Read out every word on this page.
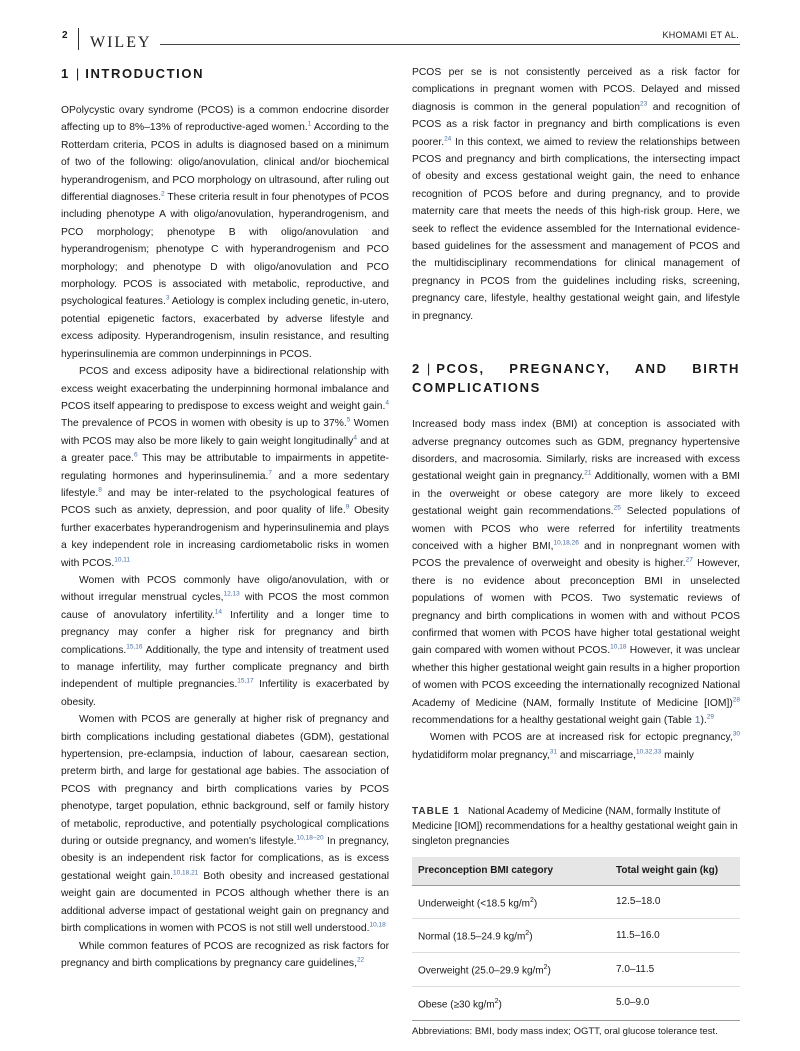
2 WILEY	KHOMAMI ET AL.
1 | INTRODUCTION

OPolycystic ovary syndrome (PCOS) is a common endocrine disorder affecting up to 8%–13% of reproductive-aged women.$^1$ According to the Rotterdam criteria, PCOS in adults is diagnosed based on a minimum of two of the following: oligo/anovulation, clinical and/or biochemical hyperandrogenism, and PCO morphology on ultrasound, after ruling out differential diagnoses.$^2$ These criteria result in four phenotypes of PCOS including phenotype A with oligo/anovulation, hyperandrogenism, and PCO morphology; phenotype B with oligo/anovulation and hyperandrogenism; phenotype C with hyperandrogenism and PCO morphology; and phenotype D with oligo/anovulation and PCO morphology. PCOS is associated with metabolic, reproductive, and psychological features.$^3$ Aetiology is complex including genetic, in-utero, potential epigenetic factors, exacerbated by adverse lifestyle and excess adiposity. Hyperandrogenism, insulin resistance, and resulting hyperinsulinemia are common underpinnings in PCOS.

PCOS and excess adiposity have a bidirectional relationship with excess weight exacerbating the underpinning hormonal imbalance and PCOS itself appearing to predispose to excess weight and weight gain.$^4$ The prevalence of PCOS in women with obesity is up to 37%.$^5$ Women with PCOS may also be more likely to gain weight longitudinally$^4$ and at a greater pace.$^6$ This may be attributable to impairments in appetite-regulating hormones and hyperinsulinemia.$^7$ and a more sedentary lifestyle.$^8$ and may be inter-related to the psychological features of PCOS such as anxiety, depression, and poor quality of life.$^9$ Obesity further exacerbates hyperandrogenism and hyperinsulinemia and plays a key independent role in increasing cardiometabolic risks in women with PCOS.$^{10,11}$

Women with PCOS commonly have oligo/anovulation, with or without irregular menstrual cycles,$^{12,13}$ with PCOS the most common cause of anovulatory infertility.$^{14}$ Infertility and a longer time to pregnancy may confer a higher risk for pregnancy and birth complications.$^{15,16}$ Additionally, the type and intensity of treatment used to manage infertility, may further complicate pregnancy and birth independent of multiple pregnancies.$^{15,17}$ Infertility is exacerbated by obesity.

Women with PCOS are generally at higher risk of pregnancy and birth complications including gestational diabetes (GDM), gestational hypertension, pre-eclampsia, induction of labour, caesarean section, preterm birth, and large for gestational age babies. The association of PCOS with pregnancy and birth complications varies by PCOS phenotype, target population, ethnic background, self or family history of metabolic, reproductive, and potentially psychological complications during or outside pregnancy, and women's lifestyle.$^{10,18-20}$ In pregnancy, obesity is an independent risk factor for complications, as is excess gestational weight gain.$^{10,18,21}$ Both obesity and increased gestational weight gain are documented in PCOS although whether there is an additional adverse impact of gestational weight gain on pregnancy and birth complications in women with PCOS is not still well understood.$^{10,18}$

While common features of PCOS are recognized as risk factors for pregnancy and birth complications by pregnancy care guidelines,$^{22}$

PCOS per se is not consistently perceived as a risk factor for complications in pregnant women with PCOS. Delayed and missed diagnosis is common in the general population$^{23}$ and recognition of PCOS as a risk factor in pregnancy and birth complications is even poorer.$^{24}$ In this context, we aimed to review the relationships between PCOS and pregnancy and birth complications, the intersecting impact of obesity and excess gestational weight gain, the need to enhance recognition of PCOS before and during pregnancy, and to provide maternity care that meets the needs of this high-risk group. Here, we seek to reflect the evidence assembled for the International evidence-based guidelines for the assessment and management of PCOS and the multidisciplinary recommendations for clinical management of pregnancy in PCOS from the guidelines including risks, screening, pregnancy care, lifestyle, healthy gestational weight gain, and lifestyle in pregnancy.

2 | PCOS, PREGNANCY, AND BIRTH COMPLICATIONS

Increased body mass index (BMI) at conception is associated with adverse pregnancy outcomes such as GDM, pregnancy hypertensive disorders, and macrosomia. Similarly, risks are increased with excess gestational weight gain in pregnancy.$^{21}$ Additionally, women with a BMI in the overweight or obese category are more likely to exceed gestational weight gain recommendations.$^{25}$ Selected populations of women with PCOS who were referred for infertility treatments conceived with a higher BMI,$^{10,18,26}$ and in nonpregnant women with PCOS the prevalence of overweight and obesity is higher.$^{27}$ However, there is no evidence about preconception BMI in unselected populations of women with PCOS. Two systematic reviews of pregnancy and birth complications in women with and without PCOS confirmed that women with PCOS have higher total gestational weight gain compared with women without PCOS.$^{10,18}$ However, it was unclear whether this higher gestational weight gain results in a higher proportion of women with PCOS exceeding the internationally recognized National Academy of Medicine (NAM, formally Institute of Medicine [IOM])$^{28}$ recommendations for a healthy gestational weight gain (Table 1).$^{29}$

Women with PCOS are at increased risk for ectopic pregnancy,$^{30}$ hydatidiform molar pregnancy,$^{31}$ and miscarriage,$^{10,32,33}$ mainly

TABLE 1 National Academy of Medicine (NAM, formally Institute of Medicine [IOM]) recommendations for a healthy gestational weight gain in singleton pregnancies
Preconception BMI category	Total weight gain (kg)
Underweight (<18.5 $kg/m^2$)	12.5–18.0
Normal (18.5–24.9 $kg/m^2$)	11.5–16.0
Overweight (25.0–29.9 $kg/m^2$)	7.0–11.5
Obese (≥30 $kg/m^2$)	5.0–9.0
Abbreviations: BMI, body mass index; OGTT, oral glucose tolerance test.
